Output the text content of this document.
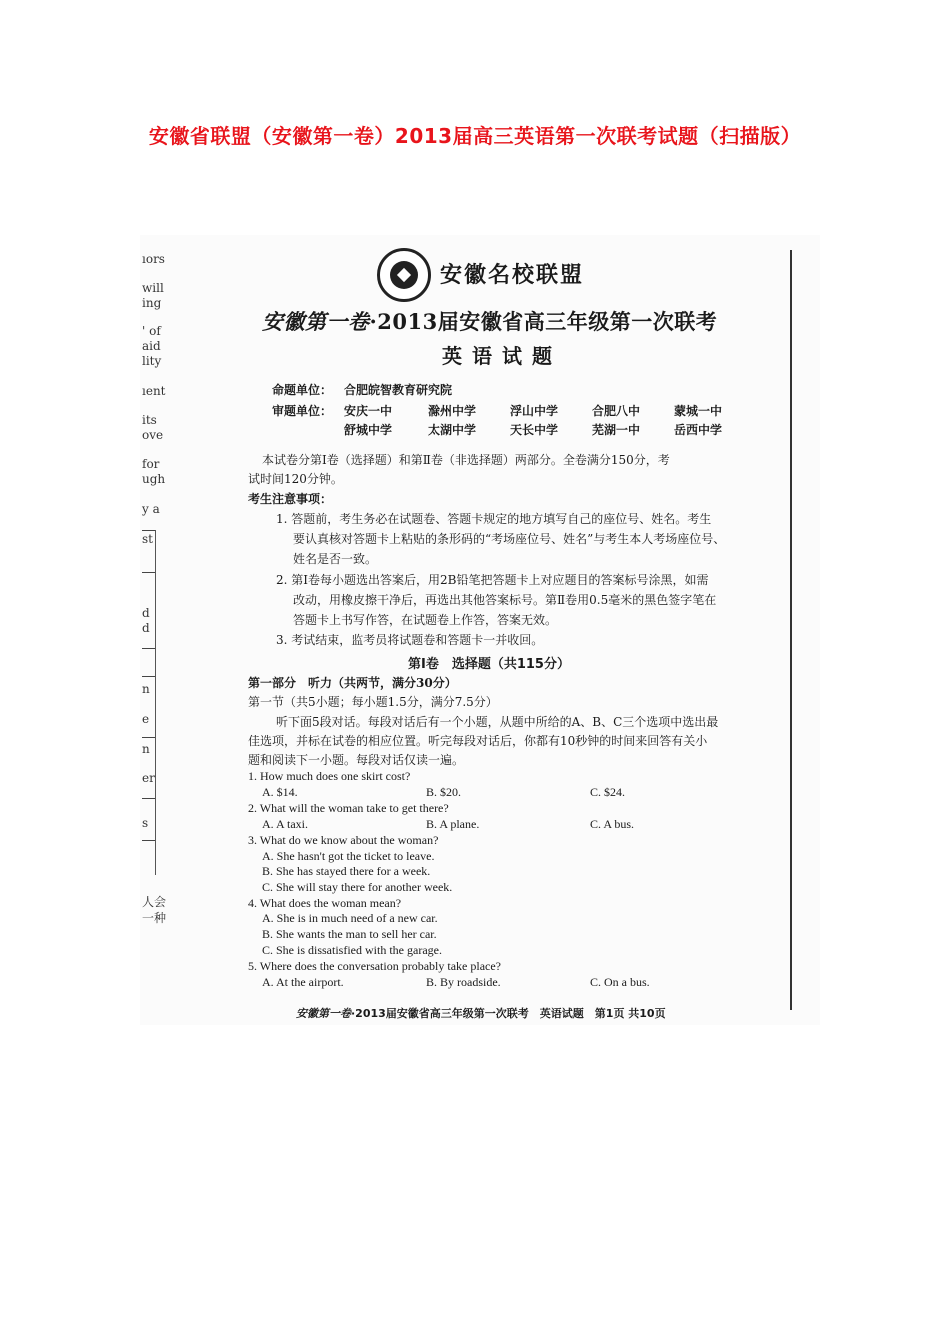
安徽省联盟（安徽第一卷）2013届高三英语第一次联考试题（扫描版）
ıors
will
ing
' of
aid
lity
ıent
its
ove
for
ugh
y a
st
d
d
n
e
n
er
s
人会
一种
安徽名校联盟
安徽第一卷·2013届安徽省高三年级第一次联考
英语试题
命题单位： 合肥皖智教育研究院
审题单位： 安庆一中	滁州中学	浮山中学	合肥八中	蒙城一中
舒城中学	太湖中学	天长中学	芜湖一中	岳西中学
本试卷分第Ⅰ卷（选择题）和第Ⅱ卷（非选择题）两部分。全卷满分150分，考
试时间120分钟。
考生注意事项：
1. 答题前，考生务必在试题卷、答题卡规定的地方填写自己的座位号、姓名。考生
要认真核对答题卡上粘贴的条形码的“考场座位号、姓名”与考生本人考场座位号、
姓名是否一致。
2. 第Ⅰ卷每小题选出答案后，用2B铅笔把答题卡上对应题目的答案标号涂黑，如需
改动，用橡皮擦干净后，再选出其他答案标号。第Ⅱ卷用0.5毫米的黑色签字笔在
答题卡上书写作答，在试题卷上作答，答案无效。
3. 考试结束，监考员将试题卷和答题卡一并收回。
第Ⅰ卷　选择题（共115分）
第一部分　听力（共两节，满分30分）
第一节（共5小题；每小题1.5分，满分7.5分）
听下面5段对话。每段对话后有一个小题，从题中所给的A、B、C三个选项中选出最
佳选项，并标在试卷的相应位置。听完每段对话后，你都有10秒钟的时间来回答有关小
题和阅读下一小题。每段对话仅读一遍。
1. How much does one skirt cost?
A. $14.	B. $20.	C. $24.
2. What will the woman take to get there?
A. A taxi.	B. A plane.	C. A bus.
3. What do we know about the woman?
A. She hasn't got the ticket to leave.
B. She has stayed there for a week.
C. She will stay there for another week.
4. What does the woman mean?
A. She is in much need of a new car.
B. She wants the man to sell her car.
C. She is dissatisfied with the garage.
5. Where does the conversation probably take place?
A. At the airport.	B. By roadside.	C. On a bus.
安徽第一卷·2013届安徽省高三年级第一次联考　英语试题　第1页 共10页
